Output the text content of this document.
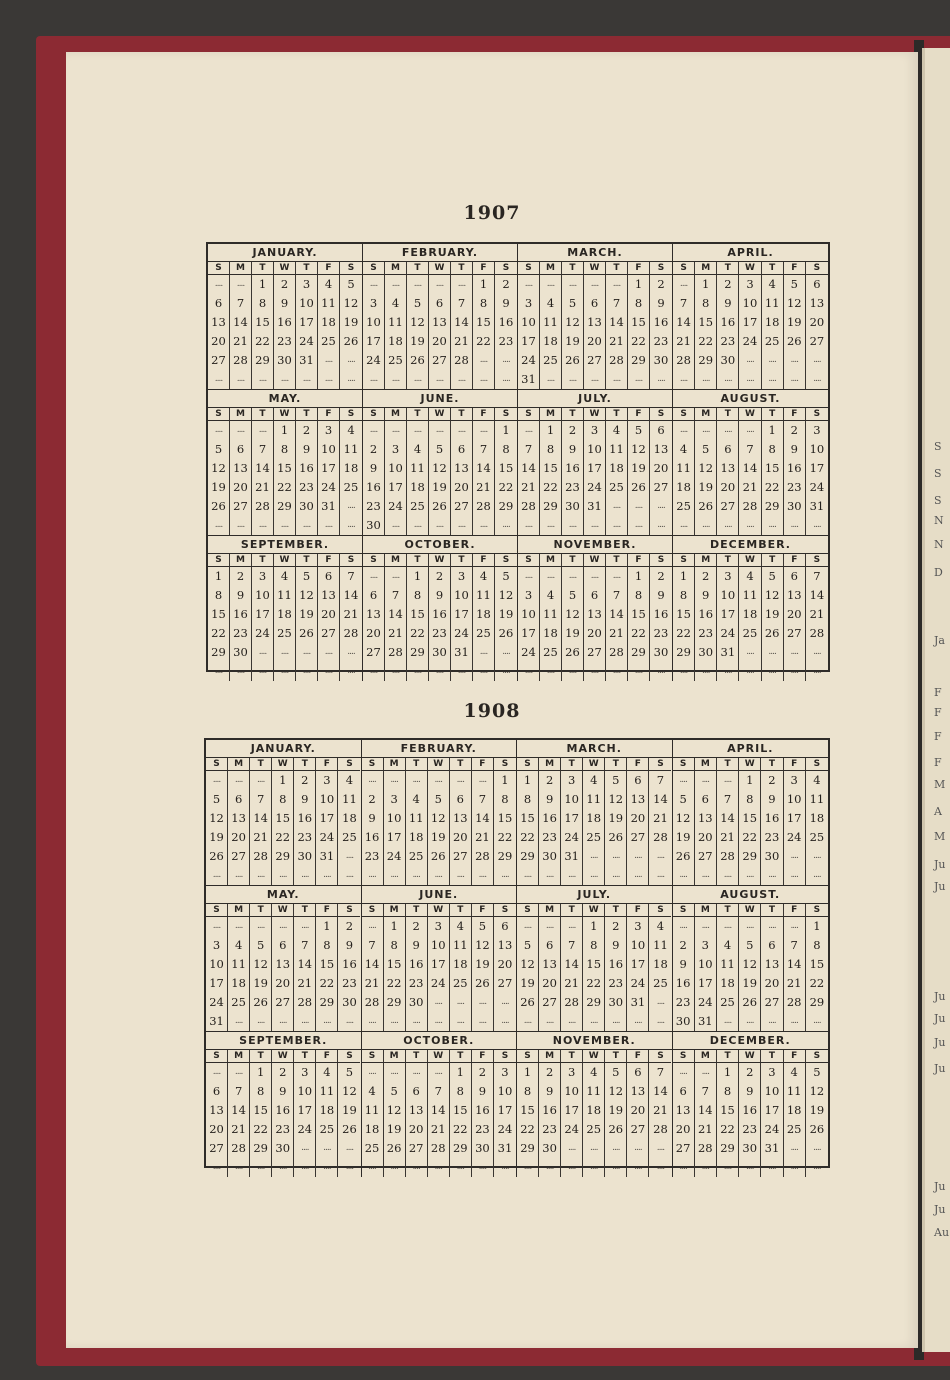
S
S
S
N
N
D
Ja
F
F
F
F
M
A
M
Ju
Ju
Ju
Ju
Ju
Ju
Ju
Ju
Au
1907
JANUARY.
S	M	T	W	T	F	S
....	....	1	2	3	4	5
6	7	8	9 10 11 12
13 14 15 16 17 18 19
20 21 22 23 24 25 26
27 28 29 30 31	....	....
....	....	....	....	....	....	....
FEBRUARY.
S	M	T	W	T	F	S
....	....	....	....	....	1	2
3	4	5	6	7	8	9
10 11 12 13 14 15 16
17 18 19 20 21 22 23
24 25 26 27 28	....	....
....	....	....	....	....	....	....
MARCH.
S	M	T	W	T	F	S
....	....	....	....	....	1	2
3	4	5	6	7	8	9
10 11 12 13 14 15 16
17 18 19 20 21 22 23
24 25 26 27 28 29 30
31	....	....	....	....	....	....
APRIL.
S	M	T	W	T	F	S
....	1	2	3	4	5	6
7	8	9 10 11 12 13
14 15 16 17 18 19 20
21 22 23 24 25 26 27
28 29 30	....	....	....	....
....	....	....	....	....	....	....
MAY.
S	M	T	W	T	F	S
....	....	....	1	2	3	4
5	6	7	8	9 10 11
12 13 14 15 16 17 18
19 20 21 22 23 24 25
26 27 28 29 30 31	....
....	....	....	....	....	....	....
JUNE.
S	M	T	W	T	F	S
....	....	....	....	....	....	1
2	3	4	5	6	7	8
9 10 11 12 13 14 15
16 17 18 19 20 21 22
23 24 25 26 27 28 29
30	....	....	....	....	....	....
JULY.
S	M	T	W	T	F	S
....	1	2	3	4	5	6
7	8	9 10 11 12 13
14 15 16 17 18 19 20
21 22 23 24 25 26 27
28 29 30 31	....	....	....
....	....	....	....	....	....	....
AUGUST.
S	M	T	W	T	F	S
....	....	....	....	1	2	3
4	5	6	7	8	9	10
11 12 13 14 15 16 17
18 19 20 21 22 23 24
25 26 27 28 29 30 31
....	....	....	....	....	....	....
SEPTEMBER.
S	M	T	W	T	F	S
1	2	3	4	5	6	7
8	9 10 11 12 13 14
15 16 17 18 19 20 21
22 23 24 25 26 27 28
29 30	....	....	....	....	....
....	....	....	....	....	....	....
OCTOBER.
S	M	T	W	T	F	S
....	....	1	2	3	4	5
6	7	8	9 10 11 12
13 14 15 16 17 18 19
20 21 22 23 24 25 26
27 28 29 30 31	....	....
....	....	....	....	....	....	....
NOVEMBER.
S	M	T	W	T	F	S
....	....	....	....	....	1	2
3	4	5	6	7	8	9
10 11 12 13 14 15 16
17 18 19 20 21 22 23
24 25 26 27 28 29 30
....	....	....	....	....	....	....
DECEMBER.
S	M	T	W	T	F	S
1	2	3	4	5	6	7
8	9 10 11 12 13 14
15 16 17 18 19 20 21
22 23 24 25 26 27 28
29 30 31	....	....	....	....
....	....	....	....	....	....	....
1908
JANUARY.
S	M	T	W	T	F	S
....	....	....	1	2	3	4
5	6	7	8	9 10 11
12 13 14 15 16 17 18
19 20 21 22 23 24 25
26 27 28 29 30 31	....
....	....	....	....	....	....	....
FEBRUARY.
S	M	T	W	T	F	S
....	....	....	....	....	....	1
2	3	4	5	6	7	8
9 10 11 12 13 14 15
16 17 18 19 20 21 22
23 24 25 26 27 28 29
....	....	....	....	....	....	....
MARCH.
S	M	T	W	T	F	S
1	2	3	4	5	6	7
8	9 10 11 12 13 14
15 16 17 18 19 20 21
22 23 24 25 26 27 28
29 30 31	....	....	....	....
....	....	....	....	....	....	....
APRIL.
S	M	T	W	T	F	S
....	....	....	1	2	3	4
5	6	7	8	9 10 11
12 13 14 15 16 17 18
19 20 21 22 23 24 25
26 27 28 29 30	....	....
....	....	....	....	....	....	....
MAY.
S	M	T	W	T	F	S
....	....	....	....	....	1	2
3	4	5	6	7	8	9
10 11 12 13 14 15 16
17 18 19 20 21 22 23
24 25 26 27 28 29 30
31	....	....	....	....	....	....
JUNE.
S	M	T	W	T	F	S
....	1	2	3	4	5	6
7	8	9 10 11 12 13
14 15 16 17 18 19 20
21 22 23 24 25 26 27
28 29 30	....	....	....	....
....	....	....	....	....	....	....
JULY.
S	M	T	W	T	F	S
....	....	....	1	2	3	4
5	6	7	8	9 10 11
12 13 14 15 16 17 18
19 20 21 22 23 24 25
26 27 28 29 30 31	....
....	....	....	....	....	....	....
AUGUST.
S	M	T	W	T	F	S
....	....	....	....	....	....	1
2	3	4	5	6	7	8
9 10 11 12 13 14 15
16 17 18 19 20 21 22
23 24 25 26 27 28 29
30 31	....	....	....	....	....
SEPTEMBER.
S	M	T	W	T	F	S
....	....	1	2	3	4	5
6	7	8	9 10 11 12
13 14 15 16 17 18 19
20 21 22 23 24 25 26
27 28 29 30	....	....	....
....	....	....	....	....	....	....
OCTOBER.
S	M	T	W	T	F	S
....	....	....	....	1	2	3
4	5	6	7	8	9	10
11 12 13 14 15 16 17
18 19 20 21 22 23 24
25 26 27 28 29 30 31
....	....	....	....	....	....	....
NOVEMBER.
S	M	T	W	T	F	S
1	2	3	4	5	6	7
8	9 10 11 12 13 14
15 16 17 18 19 20 21
22 23 24 25 26 27 28
29 30	....	....	....	....	....
....	....	....	....	....	....	....
DECEMBER.
S	M	T	W	T	F	S
....	....	1	2	3	4	5
6	7	8	9 10 11 12
13 14 15 16 17 18 19
20 21 22 23 24 25 26
27 28 29 30 31	....	....
....	....	....	....	....	....	....
